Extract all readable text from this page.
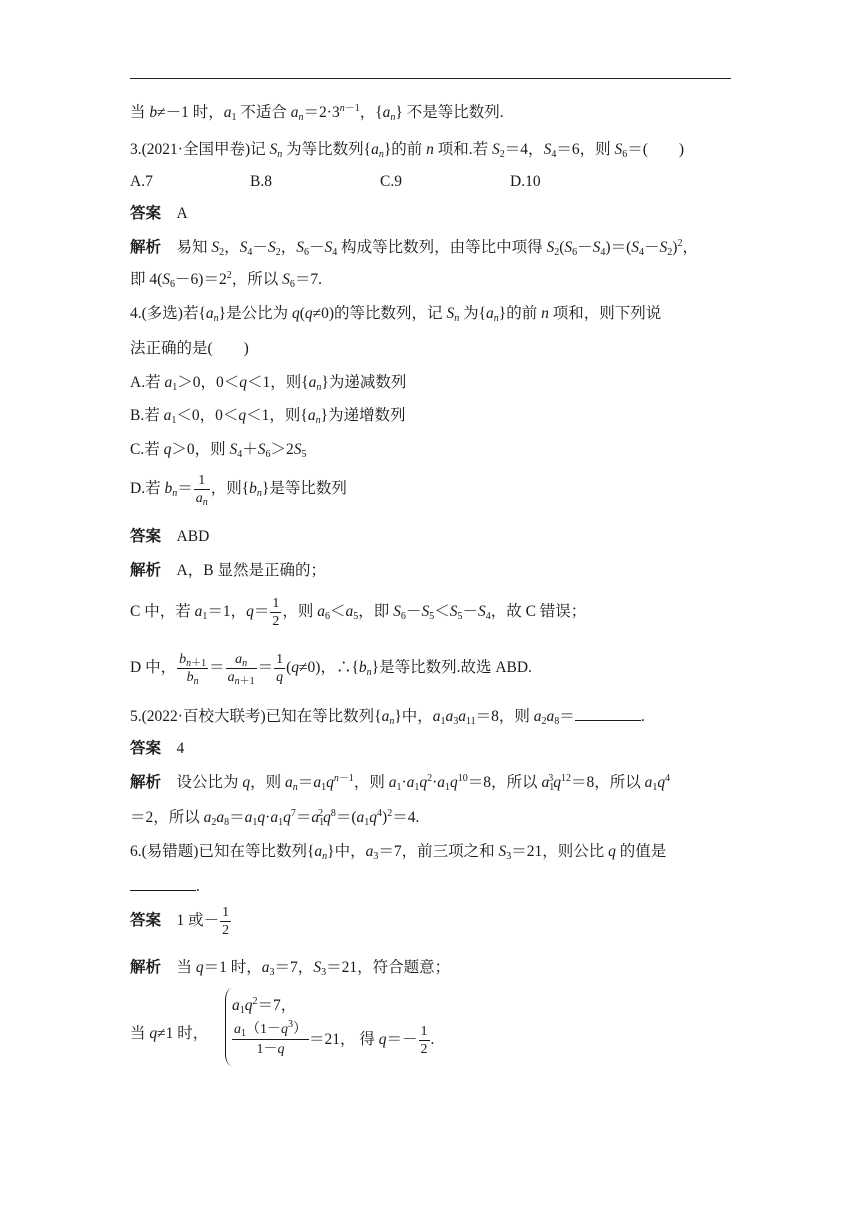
当 b≠－1 时，$a_1$ 不适合 $a_n=2\cdot 3^{n-1}$，$\{a_n\}$ 不是等比数列.
3.(2021·全国甲卷)记 $S_n$ 为等比数列$\{a_n\}$的前 n 项和.若 $S_2=4$，$S_4=6$，则 $S_6=$(　　)
A.7	B.8	C.9	D.10
答案　 A
解析　易知 $S_2$，$S_4-S_2$，$S_6-S_4$ 构成等比数列，由等比中项得 $S_2(S_6-S_4)=(S_4-S_2)^2$，
即 $4(S_6-6)=2^2$，所以 $S_6=7$.
4.(多选)若$\{a_n\}$是公比为 q(q≠0)的等比数列，记 $S_n$ 为$\{a_n\}$的前 n 项和，则下列说
法正确的是(　　)
A.若 $a_1>0$，0＜q＜1，则$\{a_n\}$为递减数列
B.若 $a_1<0$，0＜q＜1，则$\{a_n\}$为递增数列
C.若 q＞0，则 $S_4+S_6>2S_5$
D.若 $b_n= \frac{1}{a_n}$ ，则$\{b_n\}$是等比数列
答案　 ABD
解析　 A，B 显然是正确的；
C 中，若 $a_1=1$，$q= \frac{1}{2}$ ，则 $a_6<a_5$，即 $S_6-S_5<S_5-S_4$，故 C 错误；
D 中， $\frac{b_{n+1}}{b_n} = \frac{a_n}{a_{n+1}} = \frac{1}{q} (q\ne 0)$，$\therefore\{b_n\}$是等比数列.故选 ABD.
5.(2022·百校大联考)已知在等比数列$\{a_n\}$中，$a_1a_3a_{11}=8$，则 $a_2a_8=$	.
答案　 4
解析　设公比为 q，则 $a_n=a_1q^{n-1}$，则 $a_1\cdot a_1q^2\cdot a_1q^{10}=8$，所以 $a_1^3q^{12}=8$，所以 $a_1q^4$
＝2，所以 $a_2a_8=a_1q\cdot a_1q^7=a_1^2q^8=(a_1q^4)^2=4$.
6.(易错题)已知在等比数列$\{a_n\}$中，$a_3=7$，前三项之和 $S_3=21$，则公比 q 的值是
.
答案　1 或－ $\frac{1}{2}$
解析　当 q＝1 时，$a_3=7$，$S_3=21$，符合题意；
当 q≠1 时，
$a_1q^2=7$，
$\frac{a_1(1-q^3)}{1-q} =21$， 得 $q=- \frac{1}{2}$ .
